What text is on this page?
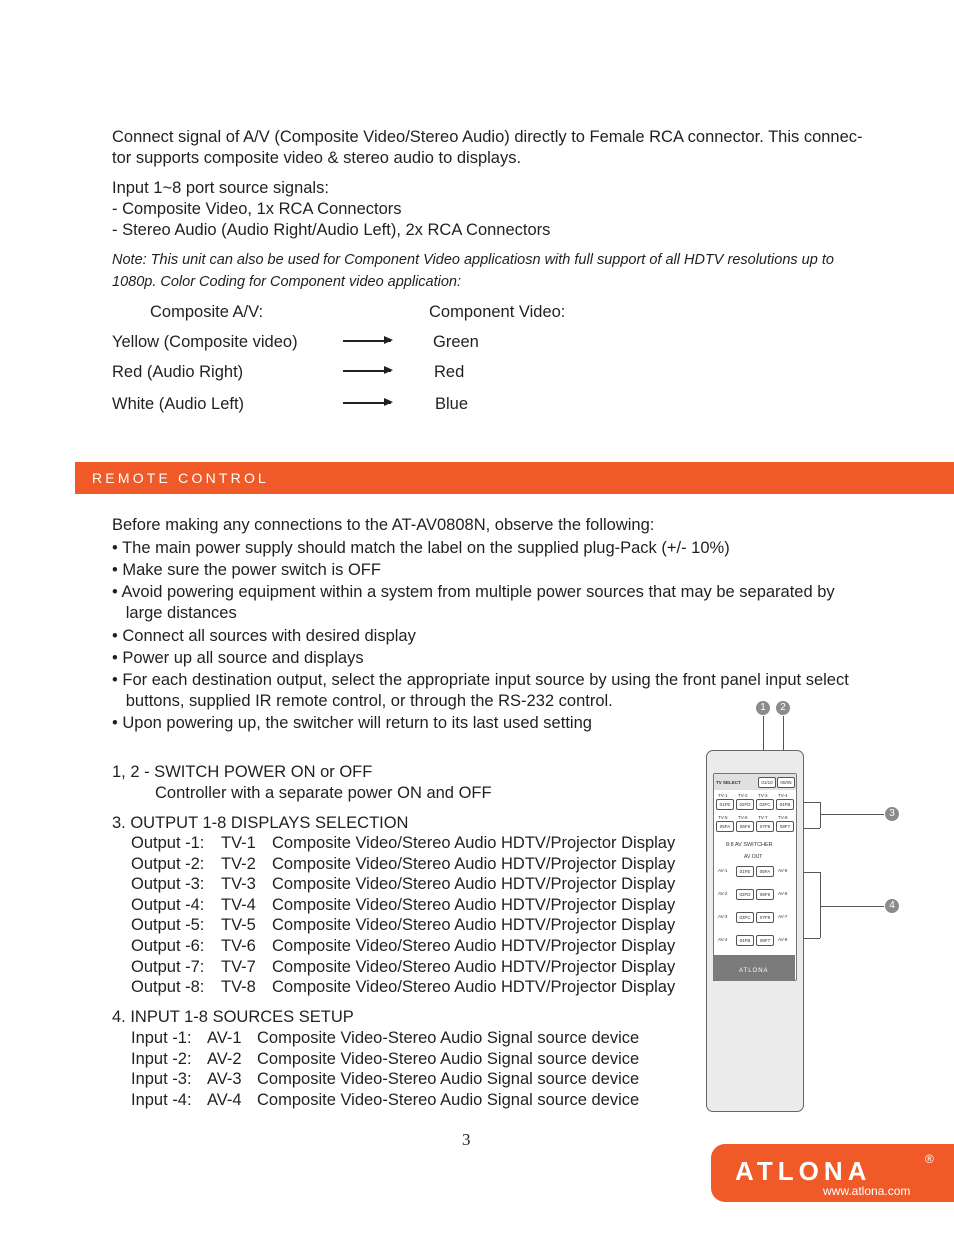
Connect signal of A/V (Composite Video/Stereo Audio) directly to Female RCA connector. This connec-
tor supports composite video & stereo audio to displays.
Input 1~8 port source signals:
- Composite Video, 1x RCA Connectors
- Stereo Audio (Audio Right/Audio Left), 2x RCA Connectors
Note: This unit can also be used for Component Video applicatiosn with full support of all HDTV resolutions up to
1080p. Color Coding for Component video application:
Composite A/V:	Component Video:
Yellow (Composite video)	Green
Red (Audio Right)	Red
White (Audio Left)	Blue
REMOTE CONTROL
Before making any connections to the AT-AV0808N, observe the following:
• The main power supply should match the label on the supplied plug-Pack (+/- 10%)
• Make sure the power switch is OFF
• Avoid powering equipment within a system from multiple power sources that may be separated by
large distances
• Connect all sources with desired display
• Power up all source and displays
• For each destination output, select the appropriate input source by using the front panel input select
buttons, supplied IR remote control, or through the RS-232 control.
• Upon powering up, the switcher will return to its last used setting
1, 2 - SWITCH POWER ON or OFF
Controller with a separate power ON and OFF
3. OUTPUT 1-8 DISPLAYS SELECTION
4. INPUT 1-8 SOURCES SETUP
TV SELECT	01/10	00/05
8:8 AV SWITCHER
AV OUT
TV-1
01FE
TV-2
02FD
TV-3
03FC
TV-4
04FB
TV-5
05FA
TV-6
06F9
TV-7
07F8
TV-8
08F7
AV-1	01FE	05FA	AV-5
AV-2	02FD	06F9	AV-6
AV-3	03FC	07F8	AV-7
AV-4	04FB	08F7	AV-8
ATLONA
1	2
3
4
3
ATLONA	®
www.atlona.com
Output -1: TV-1 Composite Video/Stereo Audio HDTV/Projector Display
Output -2: TV-2 Composite Video/Stereo Audio HDTV/Projector Display
Output -3: TV-3 Composite Video/Stereo Audio HDTV/Projector Display
Output -4: TV-4 Composite Video/Stereo Audio HDTV/Projector Display
Output -5: TV-5 Composite Video/Stereo Audio HDTV/Projector Display
Output -6: TV-6 Composite Video/Stereo Audio HDTV/Projector Display
Output -7: TV-7 Composite Video/Stereo Audio HDTV/Projector Display
Output -8: TV-8 Composite Video/Stereo Audio HDTV/Projector Display
Input -1: AV-1 Composite Video-Stereo Audio Signal source device
Input -2: AV-2 Composite Video-Stereo Audio Signal source device
Input -3: AV-3 Composite Video-Stereo Audio Signal source device
Input -4: AV-4 Composite Video-Stereo Audio Signal source device
